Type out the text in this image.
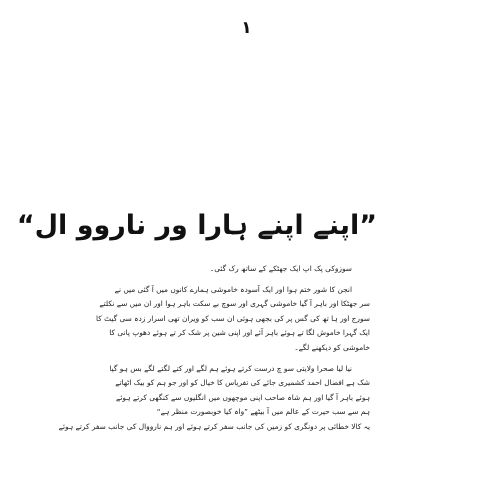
۱
”اپنے اپنے ہارا ور ناروو ال“
سوزوکی پک اپ ایک جھٹکے کے ساتھ رک گئی۔
انجن کا شور ختم ہوا اور ایک آسودہ خاموشی ہمارے کانوں میں آ گئی میں نے
سر جھٹکا اور باہر آ گیا خاموشی گہری اور سوچ بے سکت باہر ہوا اور ان میں سے نکلتے
سورج اور ہا تھ کی گس پر کی بجھی ہوئی ان سب کو ویران تھی اسرار زدہ سی گیٹ کا
ایک گہرا خاموش لگا تے ہوئے باہر آئے اور اپنی شین پر شک کر تے ہوئے دھوپ پانی کا
خاموشی کو دیکھنے لگے۔
نیا لیا صحرا ولایتی سو چ درست کرتے ہوئے ہم لگے اور کتے لگتے لگے بس ہو گیا
شک ہے افضال احمد کشمیری جائے کی تفریاس کا خیال کو اور جو ہم کو بیک اٹھاتے
ہوئے باہر آ گیا اور ہم شاہ صاحب اپنی موچھوں میں انگلیوں سے کنگھی کرتے ہوئے
ہم سے سب حیرت کے عالم میں آ بیٹھے ”واہ کیا خوبصورت منظر ہے“
یہ کالا خطائی پر دونگری کو زمیں کی جانب سفر کرتے ہوئے اور ہم نارووال کی جانب سفر کرتے ہوئے
